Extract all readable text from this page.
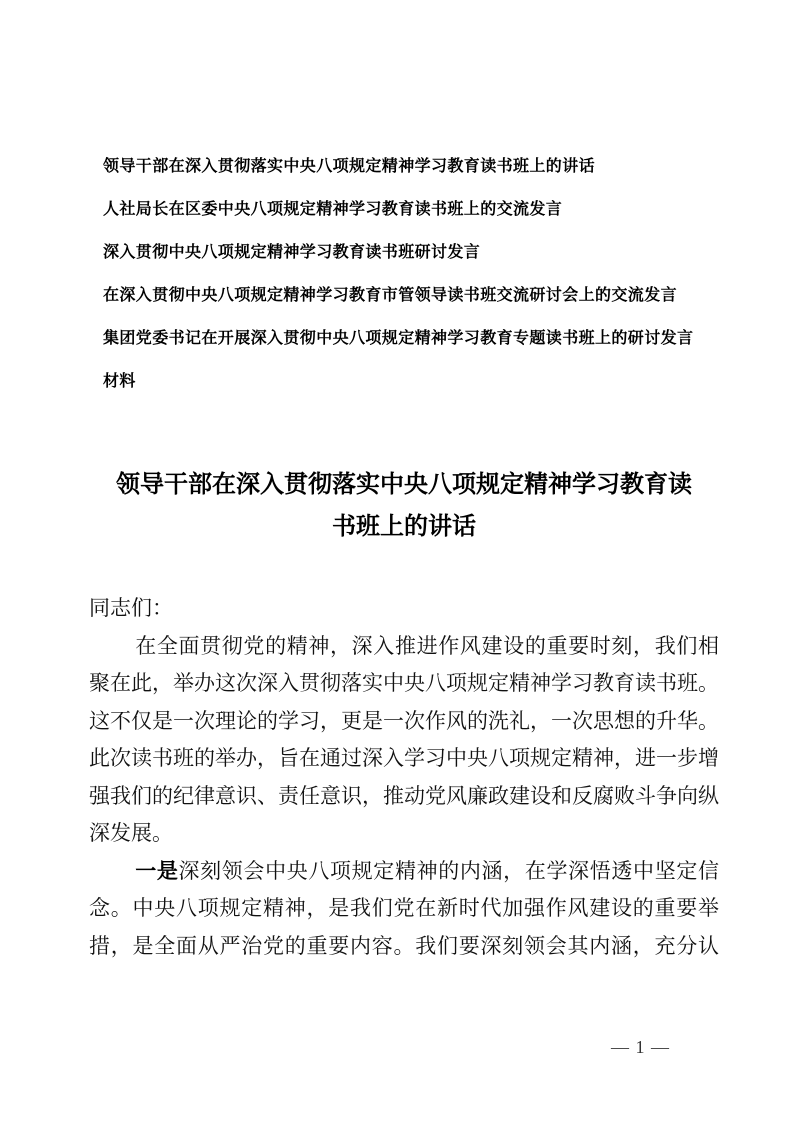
领导干部在深入贯彻落实中央八项规定精神学习教育读书班上的讲话
人社局长在区委中央八项规定精神学习教育读书班上的交流发言
深入贯彻中央八项规定精神学习教育读书班研讨发言
在深入贯彻中央八项规定精神学习教育市管领导读书班交流研讨会上的交流发言
集团党委书记在开展深入贯彻中央八项规定精神学习教育专题读书班上的研讨发言材料
领导干部在深入贯彻落实中央八项规定精神学习教育读书班上的讲话

同志们：

在全面贯彻党的精神，深入推进作风建设的重要时刻，我们相聚在此，举办这次深入贯彻落实中央八项规定精神学习教育读书班。这不仅是一次理论的学习，更是一次作风的洗礼，一次思想的升华。此次读书班的举办，旨在通过深入学习中央八项规定精神，进一步增强我们的纪律意识、责任意识，推动党风廉政建设和反腐败斗争向纵深发展。

一是深刻领会中央八项规定精神的内涵，在学深悟透中坚定信念。中央八项规定精神，是我们党在新时代加强作风建设的重要举措，是全面从严治党的重要内容。我们要深刻领会其内涵，充分认

— 1 —
